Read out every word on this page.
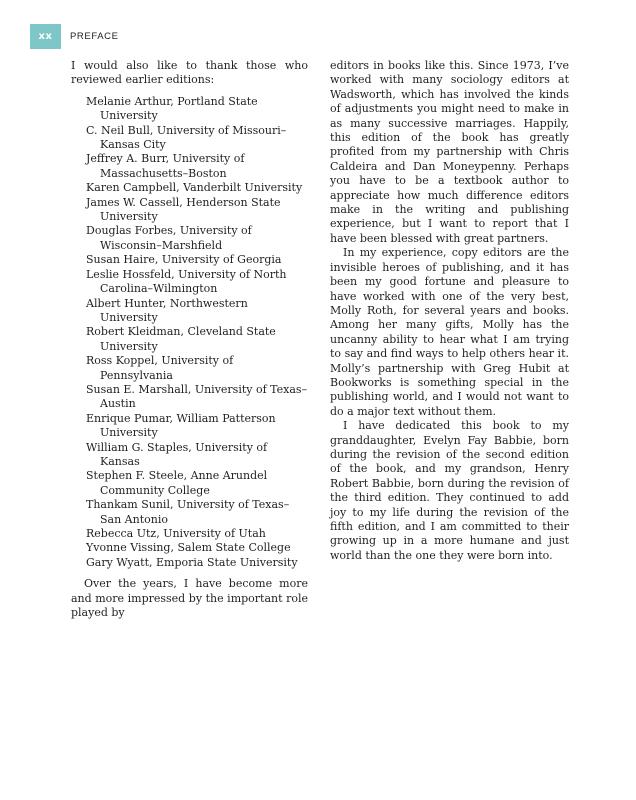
xx	PREFACE

I would also like to thank those who reviewed earlier editions:

Melanie Arthur, Portland State University
C. Neil Bull, University of Missouri–Kansas City
Jeffrey A. Burr, University of Massachusetts–Boston
Karen Campbell, Vanderbilt University
James W. Cassell, Henderson State University
Douglas Forbes, University of Wisconsin–Marshfield
Susan Haire, University of Georgia
Leslie Hossfeld, University of North Carolina–Wilmington
Albert Hunter, Northwestern University
Robert Kleidman, Cleveland State University
Ross Koppel, University of Pennsylvania
Susan E. Marshall, University of Texas–Austin
Enrique Pumar, William Patterson University
William G. Staples, University of Kansas
Stephen F. Steele, Anne Arundel Community College
Thankam Sunil, University of Texas–San Antonio
Rebecca Utz, University of Utah
Yvonne Vissing, Salem State College
Gary Wyatt, Emporia State University

Over the years, I have become more and more impressed by the important role played by

editors in books like this. Since 1973, I’ve worked with many sociology editors at Wadsworth, which has involved the kinds of adjustments you might need to make in as many successive marriages. Happily, this edition of the book has greatly profited from my partnership with Chris Caldeira and Dan Moneypenny. Perhaps you have to be a textbook author to appreciate how much difference editors make in the writing and publishing experience, but I want to report that I have been blessed with great partners.

In my experience, copy editors are the invisible heroes of publishing, and it has been my good fortune and pleasure to have worked with one of the very best, Molly Roth, for several years and books. Among her many gifts, Molly has the uncanny ability to hear what I am trying to say and find ways to help others hear it. Molly’s partnership with Greg Hubit at Bookworks is something special in the publishing world, and I would not want to do a major text without them.

I have dedicated this book to my granddaughter, Evelyn Fay Babbie, born during the revision of the second edition of the book, and my grandson, Henry Robert Babbie, born during the revision of the third edition. They continued to add joy to my life during the revision of the fifth edition, and I am committed to their growing up in a more humane and just world than the one they were born into.
